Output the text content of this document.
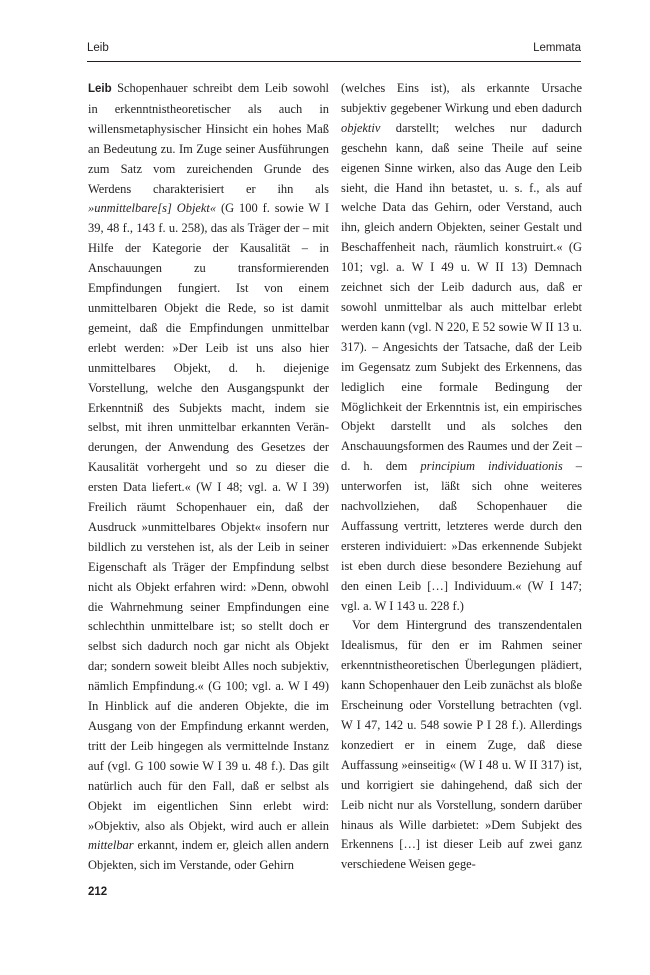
Leib	Lemmata

Leib Schopenhauer schreibt dem Leib sowohl in erkenntnistheoretischer als auch in willensmetaphysischer Hinsicht ein hohes Maß an Bedeutung zu. Im Zuge seiner Ausführungen zum Satz vom zureichenden Grunde des Werdens charakterisiert er ihn als »unmittelbare[s] Objekt« (G 100 f. sowie W I 39, 48 f., 143 f. u. 258), das als Träger der – mit Hilfe der Kategorie der Kausalität – in Anschauungen zu transformierenden Empfindungen fungiert. Ist von einem unmittelbaren Objekt die Rede, so ist damit gemeint, daß die Empfindungen unmittelbar erlebt werden: »Der Leib ist uns also hier unmittelbares Objekt, d. h. diejenige Vorstellung, welche den Ausgangspunkt der Erkenntniß des Subjekts macht, indem sie selbst, mit ihren unmittelbar erkannten Veränderungen, der Anwendung des Gesetzes der Kausalität vorhergeht und so zu dieser die ersten Data liefert.« (W I 48; vgl. a. W I 39) Freilich räumt Schopenhauer ein, daß der Ausdruck »unmittelbares Objekt« insofern nur bildlich zu verstehen ist, als der Leib in seiner Eigenschaft als Träger der Empfindung selbst nicht als Objekt erfahren wird: »Denn, obwohl die Wahrnehmung seiner Empfindungen eine schlechthin unmittelbare ist; so stellt doch er selbst sich dadurch noch gar nicht als Objekt dar; sondern soweit bleibt Alles noch subjektiv, nämlich Empfindung.« (G 100; vgl. a. W I 49) In Hinblick auf die anderen Objekte, die im Ausgang von der Empfindung erkannt werden, tritt der Leib hingegen als vermittelnde Instanz auf (vgl. G 100 sowie W I 39 u. 48 f.). Das gilt natürlich auch für den Fall, daß er selbst als Objekt im eigentlichen Sinn erlebt wird: »Objektiv, also als Objekt, wird auch er allein mittelbar erkannt, indem er, gleich allen andern Objekten, sich im Verstande, oder Gehirn

(welches Eins ist), als erkannte Ursache subjektiv gegebener Wirkung und eben dadurch objektiv darstellt; welches nur dadurch geschehn kann, daß seine Theile auf seine eigenen Sinne wirken, also das Auge den Leib sieht, die Hand ihn betastet, u. s. f., als auf welche Data das Gehirn, oder Verstand, auch ihn, gleich andern Objekten, seiner Gestalt und Beschaffenheit nach, räumlich konstruirt.« (G 101; vgl. a. W I 49 u. W II 13) Demnach zeichnet sich der Leib dadurch aus, daß er sowohl unmittelbar als auch mittelbar erlebt werden kann (vgl. N 220, E 52 sowie W II 13 u. 317). – Angesichts der Tatsache, daß der Leib im Gegensatz zum Subjekt des Erkennens, das lediglich eine formale Bedingung der Möglichkeit der Erkenntnis ist, ein empirisches Objekt darstellt und als solches den Anschauungsformen des Raumes und der Zeit – d. h. dem principium individuationis – unterworfen ist, läßt sich ohne weiteres nachvollziehen, daß Schopenhauer die Auffassung vertritt, letzteres werde durch den ersteren individuiert: »Das erkennende Subjekt ist eben durch diese besondere Beziehung auf den einen Leib […] Individuum.« (W I 147; vgl. a. W I 143 u. 228 f.)

Vor dem Hintergrund des transzendentalen Idealismus, für den er im Rahmen seiner erkenntnistheoretischen Überlegungen plädiert, kann Schopenhauer den Leib zunächst als bloße Erscheinung oder Vorstellung betrachten (vgl. W I 47, 142 u. 548 sowie P I 28 f.). Allerdings konzediert er in einem Zuge, daß diese Auffassung »einseitig« (W I 48 u. W II 317) ist, und korrigiert sie dahingehend, daß sich der Leib nicht nur als Vorstellung, sondern darüber hinaus als Wille darbietet: »Dem Subjekt des Erkennens […] ist dieser Leib auf zwei ganz verschiedene Weisen gege-

212
